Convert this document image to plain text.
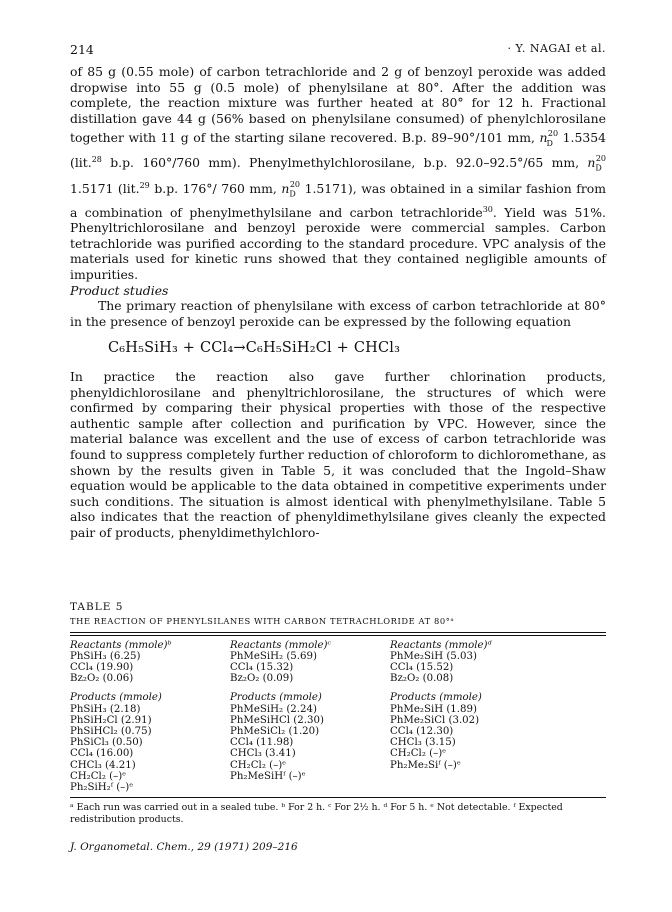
214	· Y. NAGAI et al.

of 85 g (0.55 mole) of carbon tetrachloride and 2 g of benzoyl peroxide was added dropwise into 55 g (0.5 mole) of phenylsilane at 80°. After the addition was complete, the reaction mixture was further heated at 80° for 12 h. Fractional distillation gave 44 g (56% based on phenylsilane consumed) of phenylchlorosilane together with 11 g of the starting silane recovered. B.p. 89–90°/101 mm, $n_D^{20}$ 1.5354 (lit.$^{28}$ b.p. 160°/760 mm). Phenylmethylchlorosilane, b.p. 92.0–92.5°/65 mm, $n_D^{20}$ 1.5171 (lit.$^{29}$ b.p. 176°/ 760 mm, $n_D^{20}$ 1.5171), was obtained in a similar fashion from a combination of phenylmethylsilane and carbon tetrachloride$^{30}$. Yield was 51%. Phenyltrichlorosilane and benzoyl peroxide were commercial samples. Carbon tetrachloride was purified according to the standard procedure. VPC analysis of the materials used for kinetic runs showed that they contained negligible amounts of impurities.

Product studies

The primary reaction of phenylsilane with excess of carbon tetrachloride at 80° in the presence of benzoyl peroxide can be expressed by the following equation

C₆H₅SiH₃ + CCl₄→C₆H₅SiH₂Cl + CHCl₃

In practice the reaction also gave further chlorination products, phenyldichlorosilane and phenyltrichlorosilane, the structures of which were confirmed by comparing their physical properties with those of the respective authentic sample after collection and purification by VPC. However, since the material balance was excellent and the use of excess of carbon tetrachloride was found to suppress completely further reduction of chloroform to dichloromethane, as shown by the results given in Table 5, it was concluded that the Ingold–Shaw equation would be applicable to the data obtained in competitive experiments under such conditions. The situation is almost identical with phenylmethylsilane. Table 5 also indicates that the reaction of phenyldimethylsilane gives cleanly the expected pair of products, phenyldimethylchloro-

TABLE 5
THE REACTION OF PHENYLSILANES WITH CARBON TETRACHLORIDE AT 80°ᵃ
Reactants (mmole)ᵇ
PhSiH₃ (6.25)
CCl₄ (19.90)
Bz₂O₂ (0.06)
Products (mmole)
PhSiH₃ (2.18)
PhSiH₂Cl (2.91)
PhSiHCl₂ (0.75)
PhSiCl₃ (0.50)
CCl₄ (16.00)
CHCl₃ (4.21)
CH₂Cl₂ (–)ᵉ
Ph₂SiH₂ᶠ (–)ᵉ
Reactants (mmole)ᶜ
PhMeSiH₂ (5.69)
CCl₄ (15.32)
Bz₂O₂ (0.09)
Products (mmole)
PhMeSiH₂ (2.24)
PhMeSiHCl (2.30)
PhMeSiCl₂ (1.20)
CCl₄ (11.98)
CHCl₃ (3.41)
CH₂Cl₂ (–)ᵉ
Ph₂MeSiHᶠ (–)ᵉ
Reactants (mmole)ᵈ
PhMe₂SiH (5.03)
CCl₄ (15.52)
Bz₂O₂ (0.08)
Products (mmole)
PhMe₂SiH (1.89)
PhMe₂SiCl (3.02)
CCl₄ (12.30)
CHCl₃ (3.15)
CH₂Cl₂ (–)ᵉ
Ph₂Me₂Siᶠ (–)ᵉ
ᵃ Each run was carried out in a sealed tube. ᵇ For 2 h. ᶜ For 2½ h. ᵈ For 5 h. ᵉ Not detectable. ᶠ Expected redistribution products.
J. Organometal. Chem., 29 (1971) 209–216
